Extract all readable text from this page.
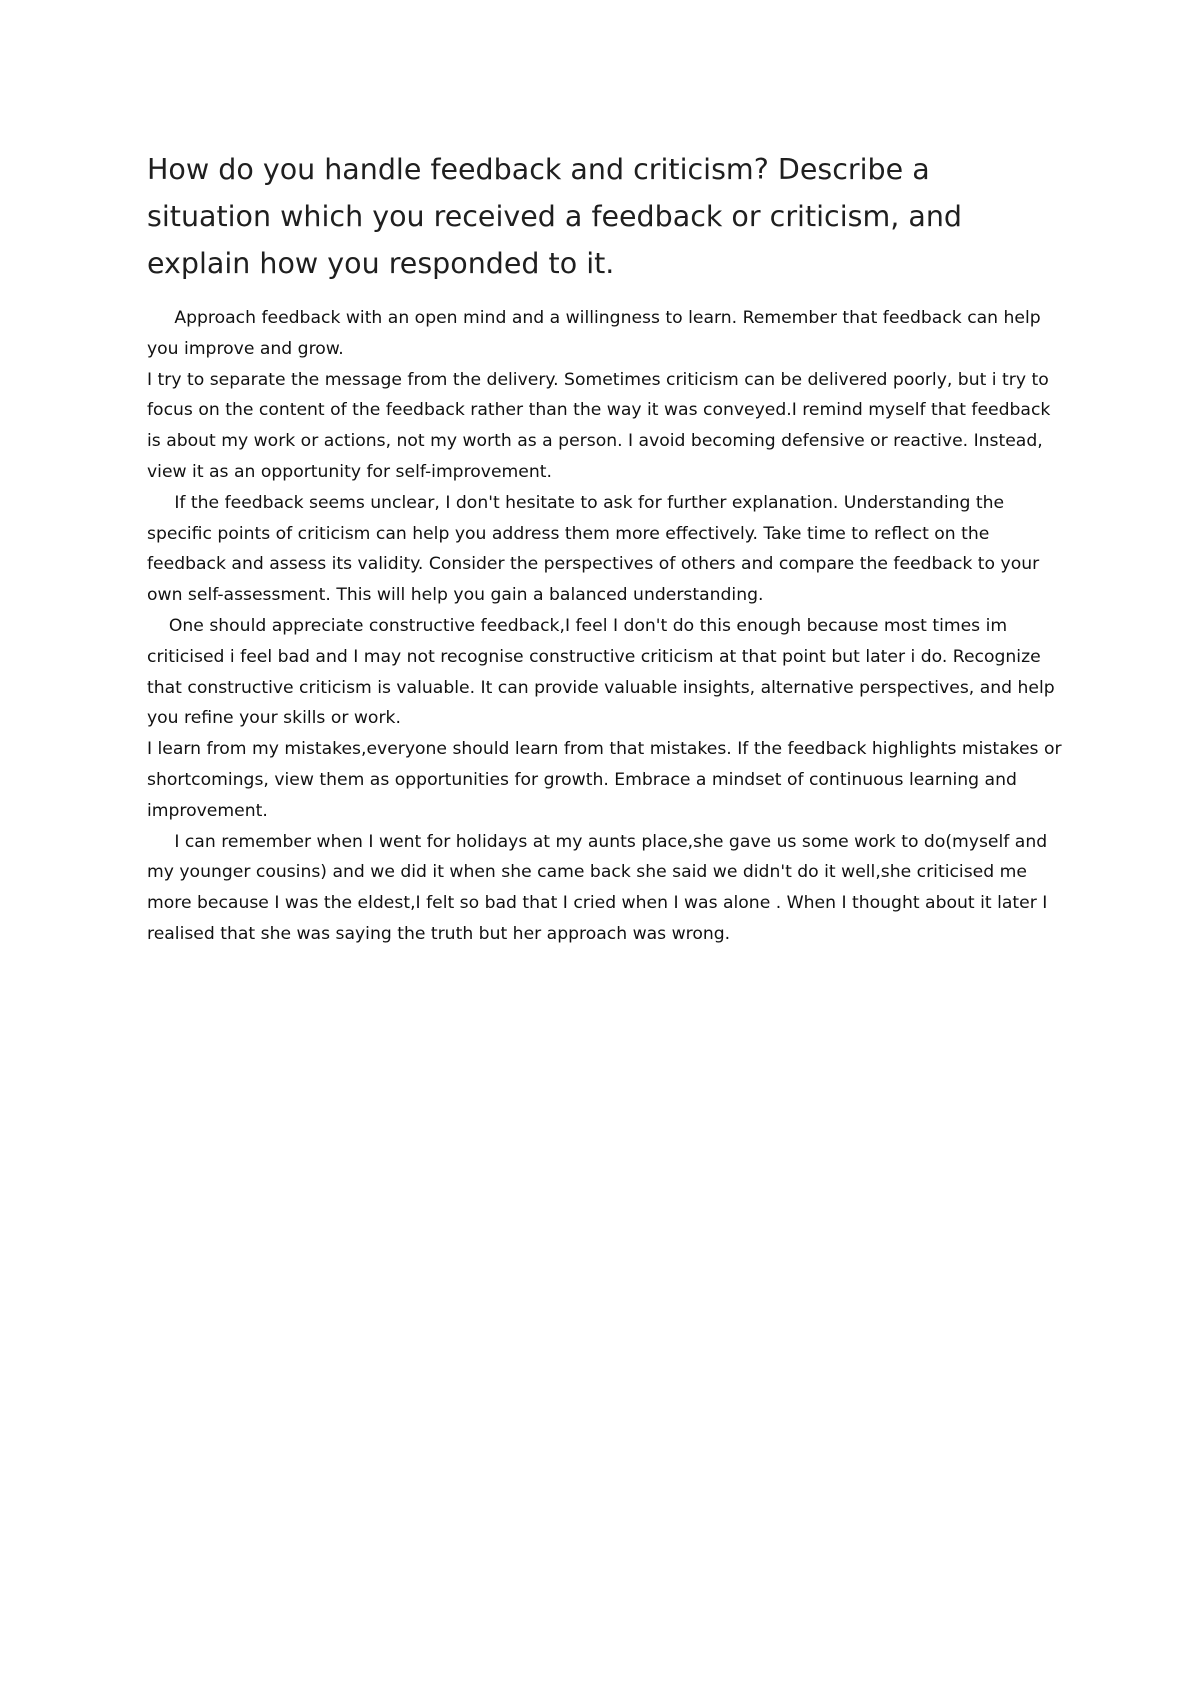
How do you handle feedback and criticism? Describe a situation which you received a feedback or criticism, and explain how you responded to it.

Approach feedback with an open mind and a willingness to learn. Remember that feedback can help you improve and grow.

I try to separate the message from the delivery. Sometimes criticism can be delivered poorly, but i try to focus on the content of the feedback rather than the way it was conveyed.I remind myself that feedback is about my work or actions, not my worth as a person. I avoid becoming defensive or reactive. Instead, view it as an opportunity for self-improvement.

If the feedback seems unclear, I don't hesitate to ask for further explanation. Understanding the specific points of criticism can help you address them more effectively. Take time to reflect on the feedback and assess its validity. Consider the perspectives of others and compare the feedback to your own self-assessment. This will help you gain a balanced understanding.

One should appreciate constructive feedback,I feel I don't do this enough because most times im criticised i feel bad and I may not recognise constructive criticism at that point but later i do. Recognize that constructive criticism is valuable. It can provide valuable insights, alternative perspectives, and help you refine your skills or work.

I learn from my mistakes,everyone should learn from that mistakes. If the feedback highlights mistakes or shortcomings, view them as opportunities for growth. Embrace a mindset of continuous learning and improvement.

I can remember when I went for holidays at my aunts place,she gave us some work to do(myself and my younger cousins) and we did it when she came back she said we didn't do it well,she criticised me more because I was the eldest,I felt so bad that I cried when I was alone . When I thought about it later I realised that she was saying the truth but her approach was wrong.
